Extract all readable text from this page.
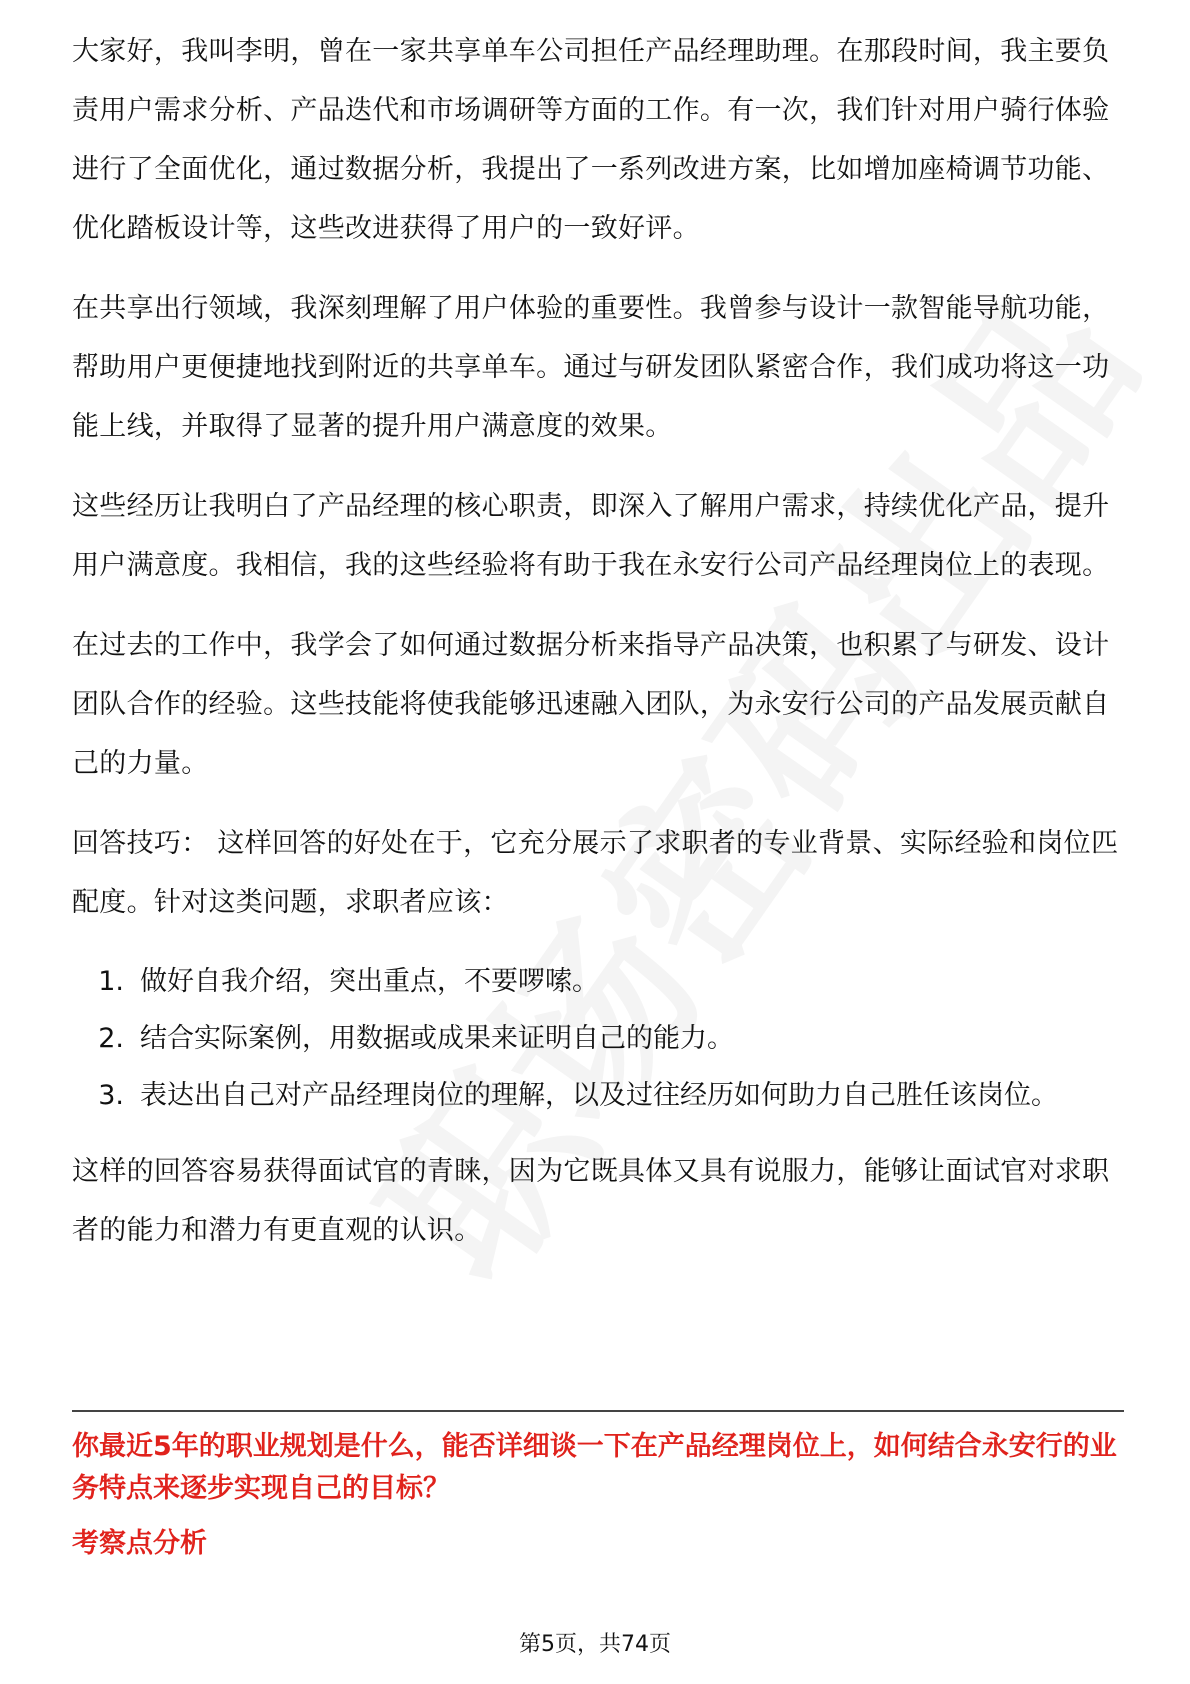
大家好，我叫李明，曾在一家共享单车公司担任产品经理助理。在那段时间，我主要负责用户需求分析、产品迭代和市场调研等方面的工作。有一次，我们针对用户骑行体验进行了全面优化，通过数据分析，我提出了一系列改进方案，比如增加座椅调节功能、优化踏板设计等，这些改进获得了用户的一致好评。

在共享出行领域，我深刻理解了用户体验的重要性。我曾参与设计一款智能导航功能，帮助用户更便捷地找到附近的共享单车。通过与研发团队紧密合作，我们成功将这一功能上线，并取得了显著的提升用户满意度的效果。

这些经历让我明白了产品经理的核心职责，即深入了解用户需求，持续优化产品，提升用户满意度。我相信，我的这些经验将有助于我在永安行公司产品经理岗位上的表现。

在过去的工作中，我学会了如何通过数据分析来指导产品决策，也积累了与研发、设计团队合作的经验。这些技能将使我能够迅速融入团队，为永安行公司的产品发展贡献自己的力量。

回答技巧： 这样回答的好处在于，它充分展示了求职者的专业背景、实际经验和岗位匹配度。针对这类问题，求职者应该：

1. 做好自我介绍，突出重点，不要啰嗦。
2. 结合实际案例，用数据或成果来证明自己的能力。
3. 表达出自己对产品经理岗位的理解，以及过往经历如何助力自己胜任该岗位。

这样的回答容易获得面试官的青睐，因为它既具体又具有说服力，能够让面试官对求职者的能力和潜力有更直观的认识。

你最近5年的职业规划是什么，能否详细谈一下在产品经理岗位上，如何结合永安行的业务特点来逐步实现自己的目标？

考察点分析

第5页，共74页
